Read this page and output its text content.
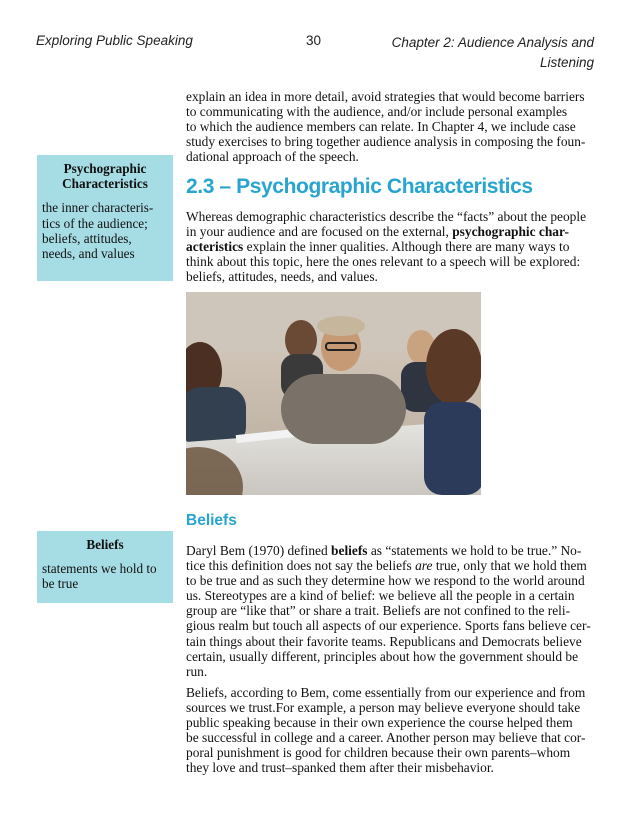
Exploring Public Speaking	30	Chapter 2: Audience Analysis and
Listening
explain an idea in more detail, avoid strategies that would become barriers
to communicating with the audience, and/or include personal examples
to which the audience members can relate. In Chapter 4, we include case
study exercises to bring together audience analysis in composing the foun-
dational approach of the speech.
Psychographic
Characteristics
the inner characteris-
tics of the audience;
beliefs, attitudes,
needs, and values
2.3 – Psychographic Characteristics
Whereas demographic characteristics describe the “facts” about the people
in your audience and are focused on the external, psychographic char-
acteristics explain the inner qualities. Although there are many ways to
think about this topic, here the ones relevant to a speech will be explored:
beliefs, attitudes, needs, and values.
Beliefs
statements we hold to
be true
Beliefs
Daryl Bem (1970) defined beliefs as “statements we hold to be true.” No-
tice this definition does not say the beliefs are true, only that we hold them
to be true and as such they determine how we respond to the world around
us. Stereotypes are a kind of belief: we believe all the people in a certain
group are “like that” or share a trait. Beliefs are not confined to the reli-
gious realm but touch all aspects of our experience. Sports fans believe cer-
tain things about their favorite teams. Republicans and Democrats believe
certain, usually different, principles about how the government should be
run.
Beliefs, according to Bem, come essentially from our experience and from
sources we trust.For example, a person may believe everyone should take
public speaking because in their own experience the course helped them
be successful in college and a career. Another person may believe that cor-
poral punishment is good for children because their own parents–whom
they love and trust–spanked them after their misbehavior.
